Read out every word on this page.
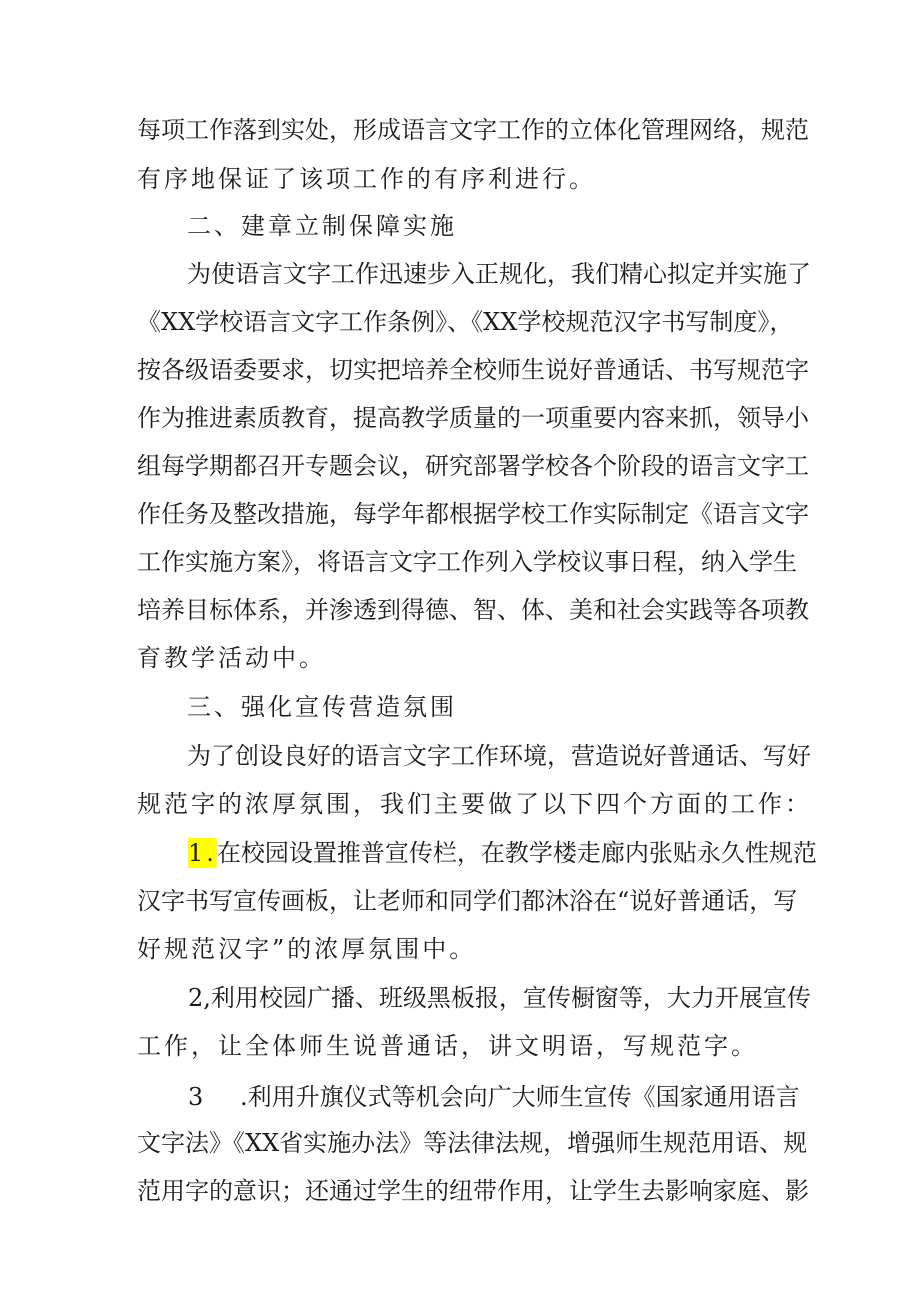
每项工作落到实处，形成语言文字工作的立体化管理网络，规范
有序地保证了该项工作的有序利进行。
二、建章立制保障实施
为使语言文字工作迅速步入正规化，我们精心拟定并实施了
《XX学校语言文字工作条例》、《XX学校规范汉字书写制度》，
按各级语委要求，切实把培养全校师生说好普通话、书写规范字
作为推进素质教育，提高教学质量的一项重要内容来抓，领导小
组每学期都召开专题会议，研究部署学校各个阶段的语言文字工
作任务及整改措施，每学年都根据学校工作实际制定《语言文字
工作实施方案》，将语言文字工作列入学校议事日程，纳入学生
培养目标体系，并渗透到得德、智、体、美和社会实践等各项教
育教学活动中。
三、强化宣传营造氛围
为了创设良好的语言文字工作环境，营造说好普通话、写好
规范字的浓厚氛围，我们主要做了以下四个方面的工作：
1.在校园设置推普宣传栏，在教学楼走廊内张贴永久性规范
汉字书写宣传画板，让老师和同学们都沐浴在“说好普通话，写
好规范汉字”的浓厚氛围中。
2,利用校园广播、班级黑板报，宣传橱窗等，大力开展宣传
工作，让全体师生说普通话，讲文明语，写规范字。
3 .利用升旗仪式等机会向广大师生宣传《国家通用语言
文字法》《XX省实施办法》等法律法规，增强师生规范用语、规
范用字的意识；还通过学生的纽带作用，让学生去影响家庭、影
